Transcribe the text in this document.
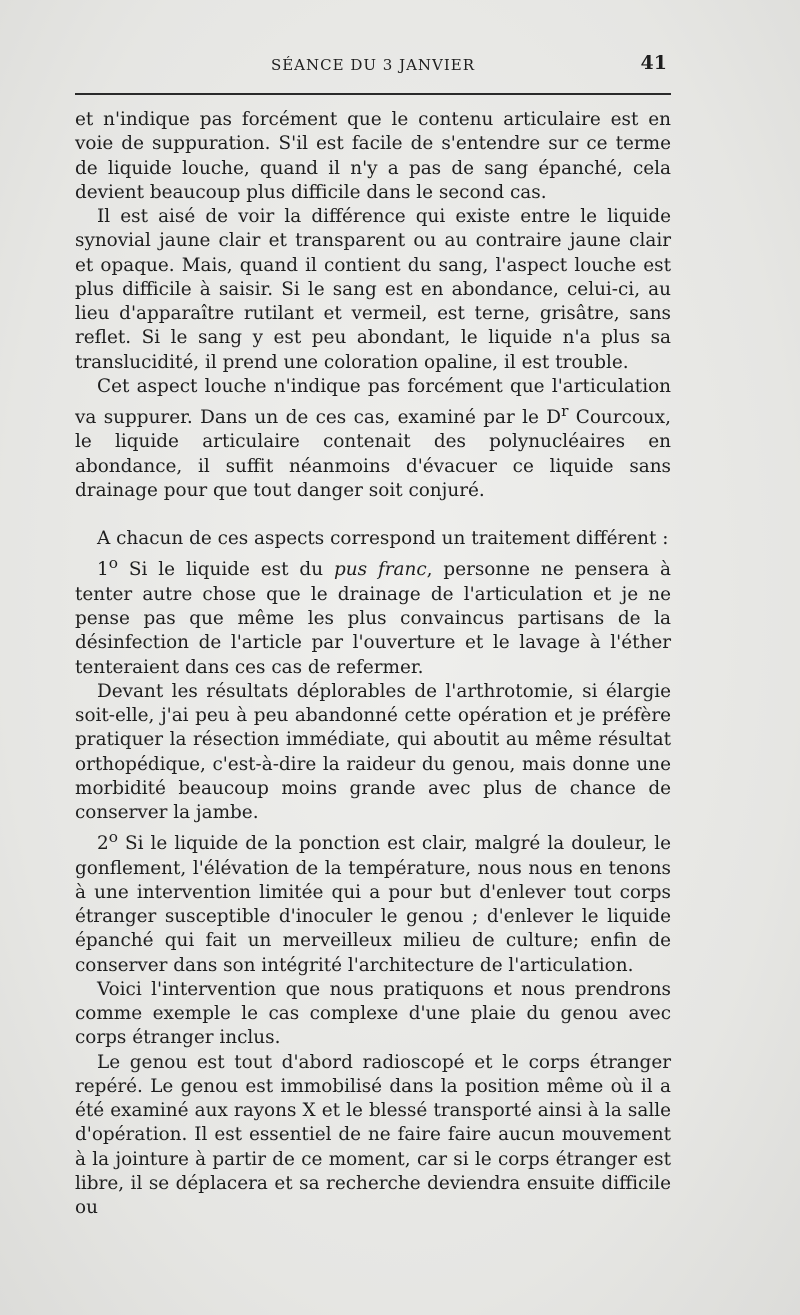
SÉANCE DU 3 JANVIER	41

et n'indique pas forcément que le contenu articulaire est en voie de suppuration. S'il est facile de s'entendre sur ce terme de liquide louche, quand il n'y a pas de sang épanché, cela devient beaucoup plus difficile dans le second cas.

Il est aisé de voir la différence qui existe entre le liquide synovial jaune clair et transparent ou au contraire jaune clair et opaque. Mais, quand il contient du sang, l'aspect louche est plus difficile à saisir. Si le sang est en abondance, celui-ci, au lieu d'apparaître rutilant et vermeil, est terne, grisâtre, sans reflet. Si le sang y est peu abondant, le liquide n'a plus sa translucidité, il prend une coloration opaline, il est trouble.

Cet aspect louche n'indique pas forcément que l'articulation va suppurer. Dans un de ces cas, examiné par le $D^r$ Courcoux, le liquide articulaire contenait des polynucléaires en abondance, il suffit néanmoins d'évacuer ce liquide sans drainage pour que tout danger soit conjuré.

A chacun de ces aspects correspond un traitement différent :

1$^o$ Si le liquide est du pus franc, personne ne pensera à tenter autre chose que le drainage de l'articulation et je ne pense pas que même les plus convaincus partisans de la désinfection de l'article par l'ouverture et le lavage à l'éther tenteraient dans ces cas de refermer.

Devant les résultats déplorables de l'arthrotomie, si élargie soit-elle, j'ai peu à peu abandonné cette opération et je préfère pratiquer la résection immédiate, qui aboutit au même résultat orthopédique, c'est-à-dire la raideur du genou, mais donne une morbidité beaucoup moins grande avec plus de chance de conserver la jambe.

2$^o$ Si le liquide de la ponction est clair, malgré la douleur, le gonflement, l'élévation de la température, nous nous en tenons à une intervention limitée qui a pour but d'enlever tout corps étranger susceptible d'inoculer le genou ; d'enlever le liquide épanché qui fait un merveilleux milieu de culture; enfin de conserver dans son intégrité l'architecture de l'articulation.

Voici l'intervention que nous pratiquons et nous prendrons comme exemple le cas complexe d'une plaie du genou avec corps étranger inclus.

Le genou est tout d'abord radioscopé et le corps étranger repéré. Le genou est immobilisé dans la position même où il a été examiné aux rayons X et le blessé transporté ainsi à la salle d'opération. Il est essentiel de ne faire faire aucun mouvement à la jointure à partir de ce moment, car si le corps étranger est libre, il se déplacera et sa recherche deviendra ensuite difficile ou
